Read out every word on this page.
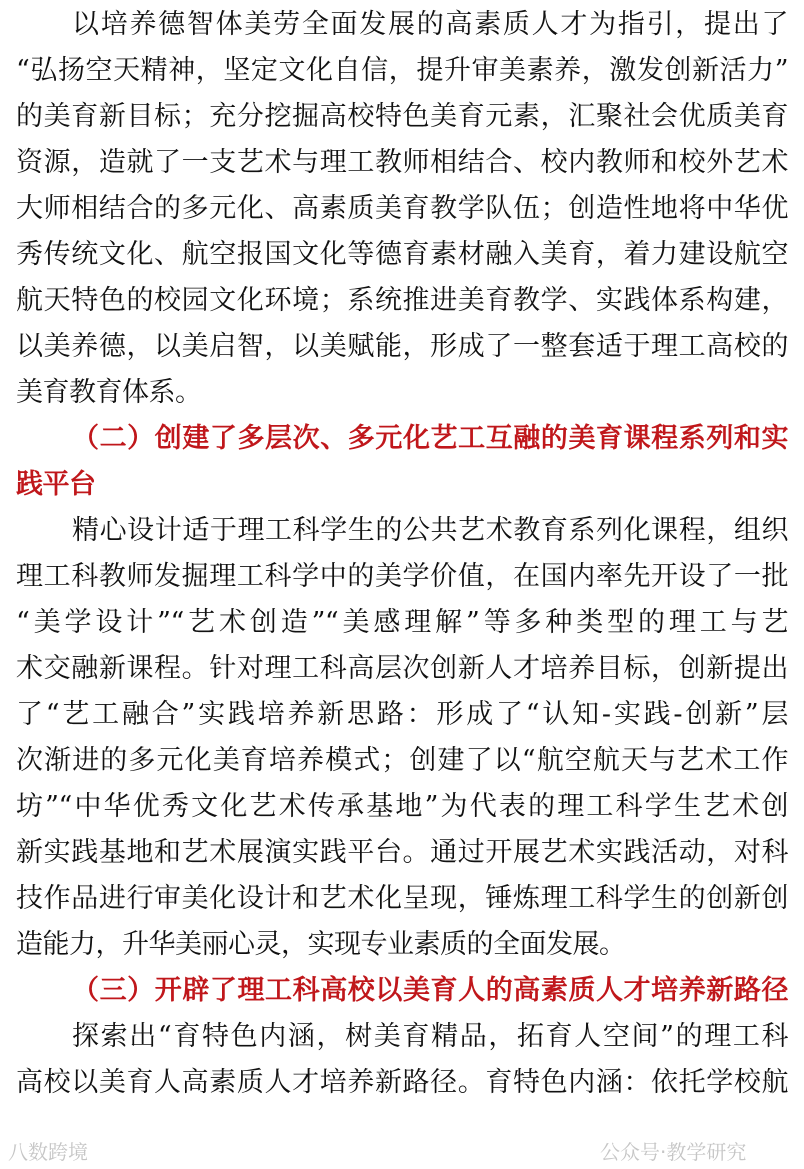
以培养德智体美劳全面发展的高素质人才为指引，提出了
“弘扬空天精神，坚定文化自信，提升审美素养，激发创新活力”
的美育新目标；充分挖掘高校特色美育元素，汇聚社会优质美育
资源，造就了一支艺术与理工教师相结合、校内教师和校外艺术
大师相结合的多元化、高素质美育教学队伍；创造性地将中华优
秀传统文化、航空报国文化等德育素材融入美育，着力建设航空
航天特色的校园文化环境；系统推进美育教学、实践体系构建，
以美养德，以美启智，以美赋能，形成了一整套适于理工高校的
美育教育体系。
（二）创建了多层次、多元化艺工互融的美育课程系列和实
践平台
精心设计适于理工科学生的公共艺术教育系列化课程，组织
理工科教师发掘理工科学中的美学价值，在国内率先开设了一批
“美学设计”“艺术创造”“美感理解”等多种类型的理工与艺
术交融新课程。针对理工科高层次创新人才培养目标，创新提出
了“艺工融合”实践培养新思路：形成了“认知-实践-创新”层
次渐进的多元化美育培养模式；创建了以“航空航天与艺术工作
坊”“中华优秀文化艺术传承基地”为代表的理工科学生艺术创
新实践基地和艺术展演实践平台。通过开展艺术实践活动，对科
技作品进行审美化设计和艺术化呈现，锤炼理工科学生的创新创
造能力，升华美丽心灵，实现专业素质的全面发展。
（三）开辟了理工科高校以美育人的高素质人才培养新路径
探索出“育特色内涵，树美育精品，拓育人空间”的理工科
高校以美育人高素质人才培养新路径。育特色内涵：依托学校航
八数跨境	公众号·教学研究
